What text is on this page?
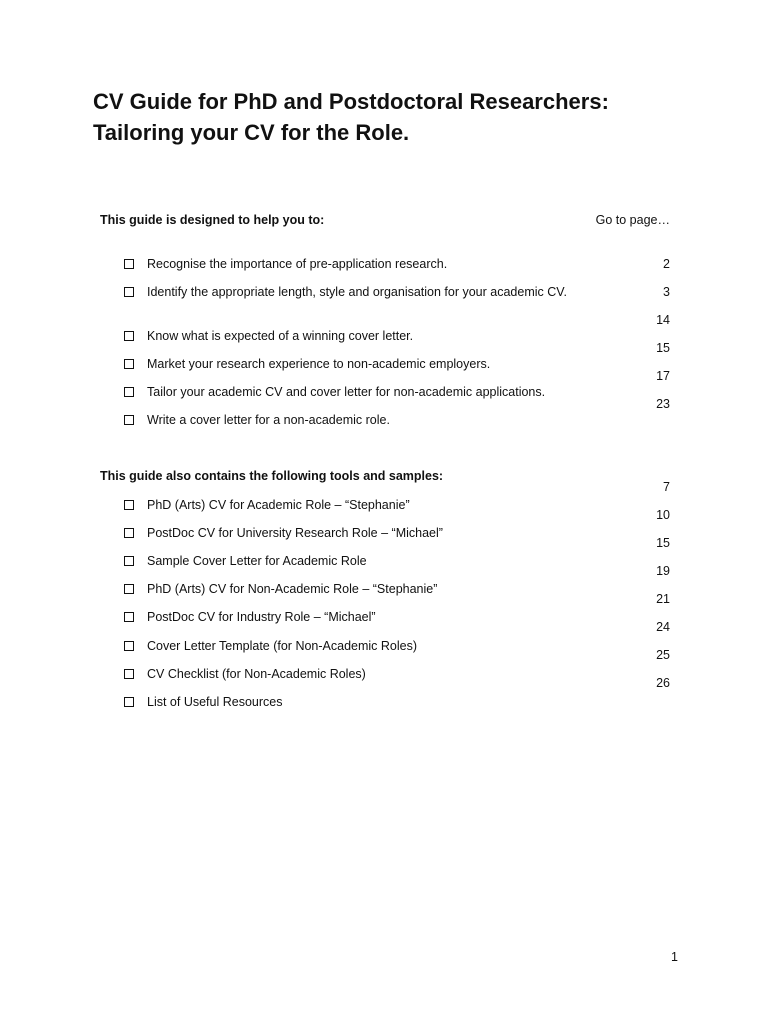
CV Guide for PhD and Postdoctoral Researchers:
Tailoring your CV for the Role.
This guide is designed to help you to:	Go to page…
Recognise the importance of pre-application research.
Identify the appropriate length, style and organisation for your academic CV.
Know what is expected of a winning cover letter.
Market your research experience to non-academic employers.
Tailor your academic CV and cover letter for non-academic applications.
Write a cover letter for a non-academic role.
2
3
14
15
17
23
This guide also contains the following tools and samples:
PhD (Arts) CV for Academic Role – “Stephanie”
PostDoc CV for University Research Role – “Michael”
Sample Cover Letter for Academic Role
PhD (Arts) CV for Non-Academic Role – “Stephanie”
PostDoc CV for Industry Role – “Michael”
Cover Letter Template (for Non-Academic Roles)
CV Checklist (for Non-Academic Roles)
List of Useful Resources
7
10
15
19
21
24
25
26
1
